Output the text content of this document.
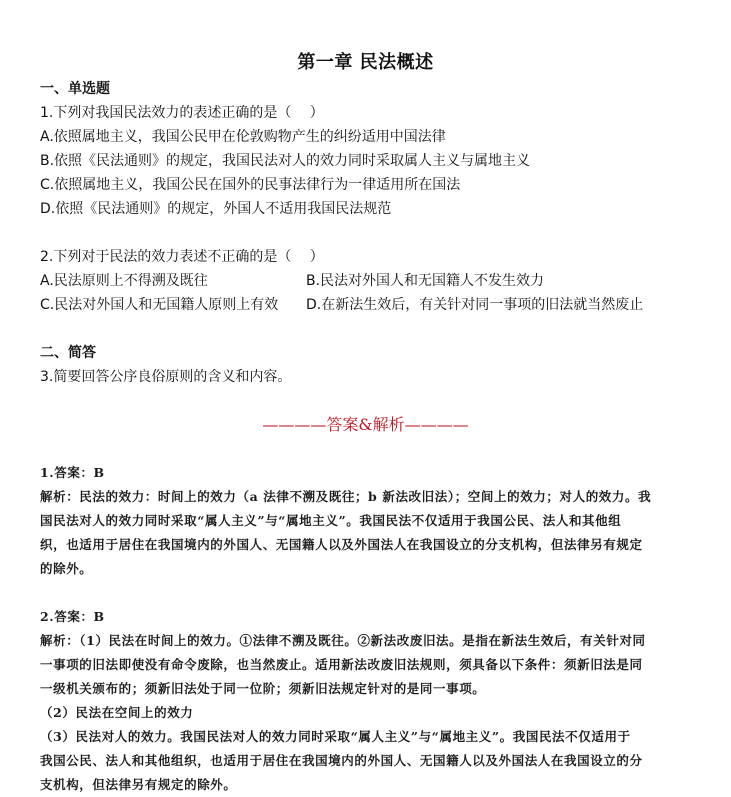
第一章 民法概述
一、单选题
1.下列对我国民法效力的表述正确的是（　 ）
A.依照属地主义，我国公民甲在伦敦购物产生的纠纷适用中国法律
B.依照《民法通则》的规定，我国民法对人的效力同时采取属人主义与属地主义
C.依照属地主义，我国公民在国外的民事法律行为一律适用所在国法
D.依照《民法通则》的规定，外国人不适用我国民法规范
2.下列对于民法的效力表述不正确的是（　 ）
A.民法原则上不得溯及既往	B.民法对外国人和无国籍人不发生效力
C.民法对外国人和无国籍人原则上有效 D.在新法生效后，有关针对同一事项的旧法就当然废止
二、简答
3.简要回答公序良俗原则的含义和内容。
————答案&解析————
1.答案：B
解析：民法的效力：时间上的效力（a 法律不溯及既往；b 新法改旧法）；空间上的效力；对人的效力。我
国民法对人的效力同时采取“属人主义”与“属地主义”。我国民法不仅适用于我国公民、法人和其他组
织，也适用于居住在我国境内的外国人、无国籍人以及外国法人在我国设立的分支机构，但法律另有规定
的除外。
2.答案：B
解析：（1）民法在时间上的效力。①法律不溯及既往。②新法改废旧法。是指在新法生效后，有关针对同
一事项的旧法即使没有命令废除，也当然废止。适用新法改废旧法规则，须具备以下条件：须新旧法是同
一级机关颁布的；须新旧法处于同一位阶；须新旧法规定针对的是同一事项。
（2）民法在空间上的效力
（3）民法对人的效力。我国民法对人的效力同时采取“属人主义”与“属地主义”。我国民法不仅适用于
我国公民、法人和其他组织，也适用于居住在我国境内的外国人、无国籍人以及外国法人在我国设立的分
支机构，但法律另有规定的除外。
